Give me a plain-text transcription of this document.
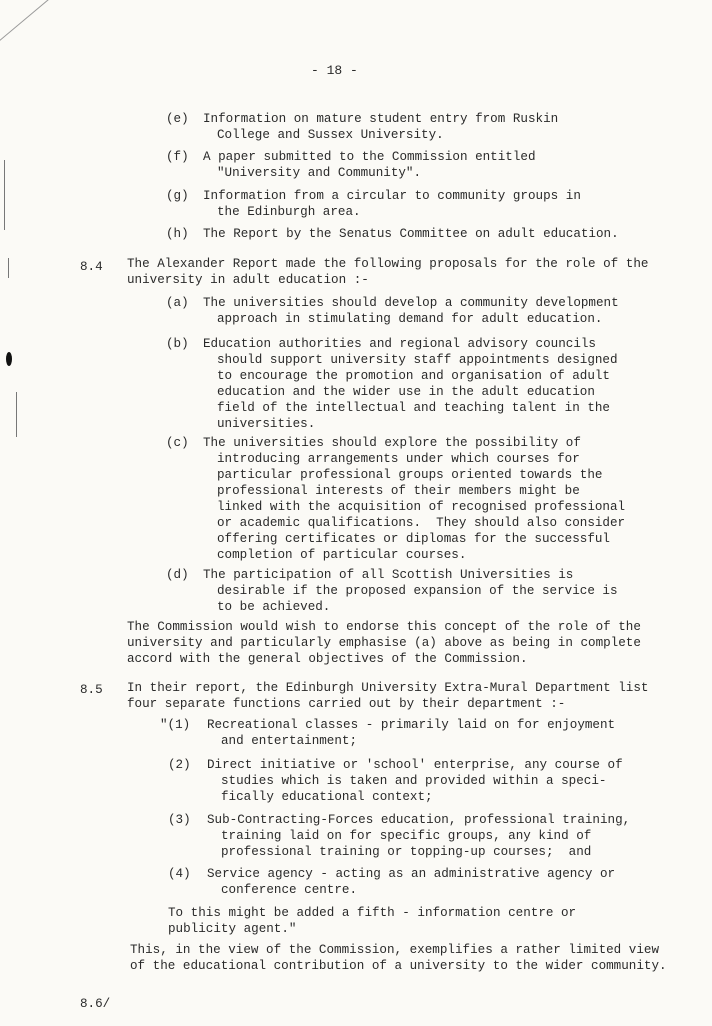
- 18 -
(e) Information on mature student entry from Ruskin
College and Sussex University.
(f) A paper submitted to the Commission entitled
"University and Community".
(g) Information from a circular to community groups in
the Edinburgh area.
(h) The Report by the Senatus Committee on adult education.
8.4 The Alexander Report made the following proposals for the role of the
university in adult education :-
(a) The universities should develop a community development
approach in stimulating demand for adult education.
(b) Education authorities and regional advisory councils
should support university staff appointments designed
to encourage the promotion and organisation of adult
education and the wider use in the adult education
field of the intellectual and teaching talent in the
universities.
(c) The universities should explore the possibility of
introducing arrangements under which courses for
particular professional groups oriented towards the
professional interests of their members might be
linked with the acquisition of recognised professional
or academic qualifications.  They should also consider
offering certificates or diplomas for the successful
completion of particular courses.
(d) The participation of all Scottish Universities is
desirable if the proposed expansion of the service is
to be achieved.
The Commission would wish to endorse this concept of the role of the
university and particularly emphasise (a) above as being in complete
accord with the general objectives of the Commission.
8.5 In their report, the Edinburgh University Extra-Mural Department list
four separate functions carried out by their department :-
"(1) Recreational classes - primarily laid on for enjoyment
and entertainment;
(2) Direct initiative or 'school' enterprise, any course of
studies which is taken and provided within a speci-
fically educational context;
(3) Sub-Contracting-Forces education, professional training,
training laid on for specific groups, any kind of
professional training or topping-up courses;  and
(4) Service agency - acting as an administrative agency or
conference centre.
To this might be added a fifth - information centre or
publicity agent."
This, in the view of the Commission, exemplifies a rather limited view
of the educational contribution of a university to the wider community.
8.6/
